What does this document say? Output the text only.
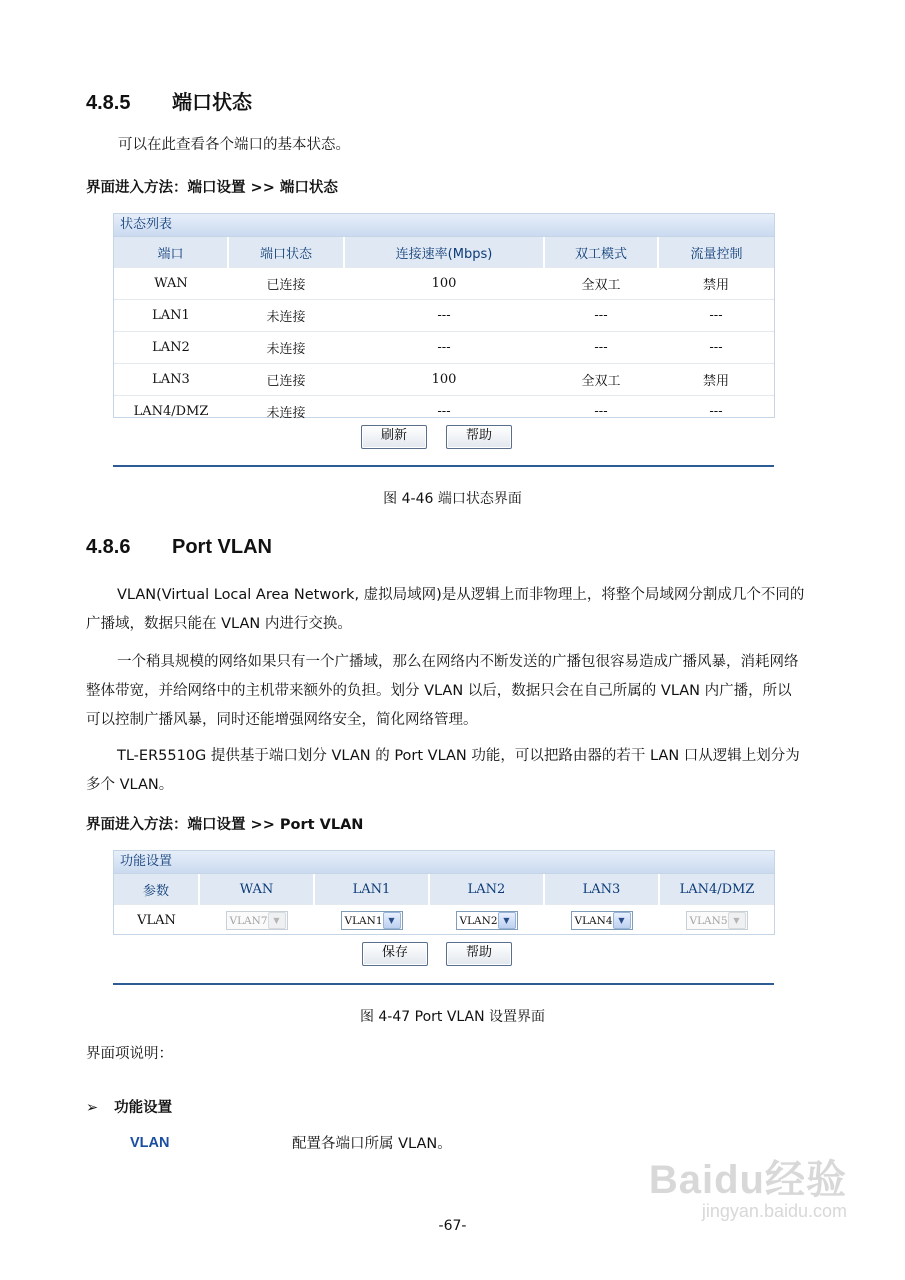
4.8.5 端口状态
可以在此查看各个端口的基本状态。
界面进入方法：端口设置 >> 端口状态
状态列表
端口	端口状态	连接速率(Mbps)	双工模式	流量控制
WAN	已连接	100	全双工	禁用
LAN1	未连接	---	---	---
LAN2	未连接	---	---	---
LAN3	已连接	100	全双工	禁用
LAN4/DMZ	未连接	---	---	---
刷新	帮助
图 4-46 端口状态界面
4.8.6 Port VLAN
VLAN(Virtual Local Area Network, 虚拟局域网)是从逻辑上而非物理上，将整个局域网分割成几个不同的广播域，数据只能在 VLAN 内进行交换。
一个稍具规模的网络如果只有一个广播域，那么在网络内不断发送的广播包很容易造成广播风暴，消耗网络整体带宽，并给网络中的主机带来额外的负担。划分 VLAN 以后，数据只会在自己所属的 VLAN 内广播，所以可以控制广播风暴，同时还能增强网络安全，简化网络管理。
TL-ER5510G 提供基于端口划分 VLAN 的 Port VLAN 功能，可以把路由器的若干 LAN 口从逻辑上划分为多个 VLAN。
界面进入方法：端口设置 >> Port VLAN
功能设置
参数	WAN	LAN1	LAN2	LAN3	LAN4/DMZ
VLAN	VLAN7 ▼	VLAN1 ▼	VLAN2 ▼	VLAN4 ▼	VLAN5 ▼
保存	帮助
图 4-47 Port VLAN 设置界面
界面项说明：
➢ 功能设置
VLAN	配置各端口所属 VLAN。
-67-
Baidu经验
jingyan.baidu.com
